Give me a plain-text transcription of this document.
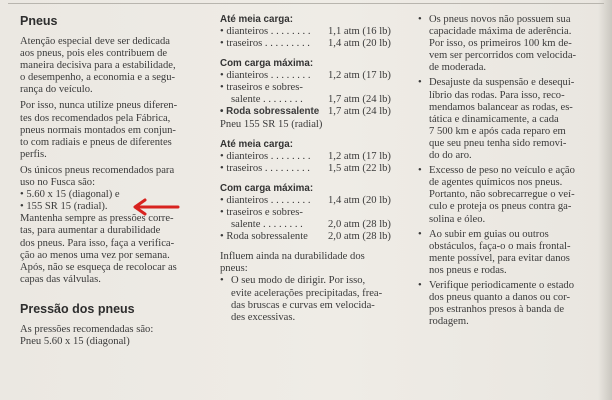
Pneus

Atenção especial deve ser dedicada
aos pneus, pois eles contribuem de
maneira decisiva para a estabilidade,
o desempenho, a economia e a segu-
rança do veículo.

Por isso, nunca utilize pneus diferen-
tes dos recomendados pela Fábrica,
pneus normais montados em conjun-
to com radiais e pneus de diferentes
perfis.

Os únicos pneus recomendados para
uso no Fusca são:
• 5.60 x 15 (diagonal) e
• 155 SR 15 (radial).

Mantenha sempre as pressões corre-
tas, para aumentar a durabilidade
dos pneus. Para isso, faça a verifica-
ção ao menos uma vez por semana.
Após, não se esqueça de recolocar as
capas das válvulas.

Pressão dos pneus

As pressões recomendadas são:
Pneu 5.60 x 15 (diagonal)

Até meia carga:
• dianteiros . . . . . . . . 1,1 atm (16 lb)
• traseiros . . . . . . . . . 1,4 atm (20 lb)
Com carga máxima:
• dianteiros . . . . . . . . 1,2 atm (17 lb)
• traseiros e sobres-
salente . . . . . . . . 1,7 atm (24 lb)
• Roda sobressalente 1,7 atm (24 lb)
Pneu 155 SR 15 (radial)
Até meia carga:
• dianteiros . . . . . . . . 1,2 atm (17 lb)
• traseiros . . . . . . . . . 1,5 atm (22 lb)
Com carga máxima:
• dianteiros . . . . . . . . 1,4 atm (20 lb)
• traseiros e sobres-
salente . . . . . . . . 2,0 atm (28 lb)
• Roda sobressalente 2,0 atm (28 lb)

Influem ainda na durabilidade dos
pneus:

• O seu modo de dirigir. Por isso,
evite acelerações precipitadas, frea-
das bruscas e curvas em velocida-
des excessivas.
• Os pneus novos não possuem sua
capacidade máxima de aderência.
Por isso, os primeiros 100 km de-
vem ser percorridos com velocida-
de moderada.
• Desajuste da suspensão e desequi-
líbrio das rodas. Para isso, reco-
mendamos balancear as rodas, es-
tática e dinamicamente, a cada
7 500 km e após cada reparo em
que seu pneu tenha sido removi-
do do aro.
• Excesso de peso no veículo e ação
de agentes químicos nos pneus.
Portanto, não sobrecarregue o veí-
culo e proteja os pneus contra ga-
solina e óleo.
• Ao subir em guias ou outros
obstáculos, faça-o o mais frontal-
mente possível, para evitar danos
nos pneus e rodas.
• Verifique periodicamente o estado
dos pneus quanto a danos ou cor-
pos estranhos presos à banda de
rodagem.
